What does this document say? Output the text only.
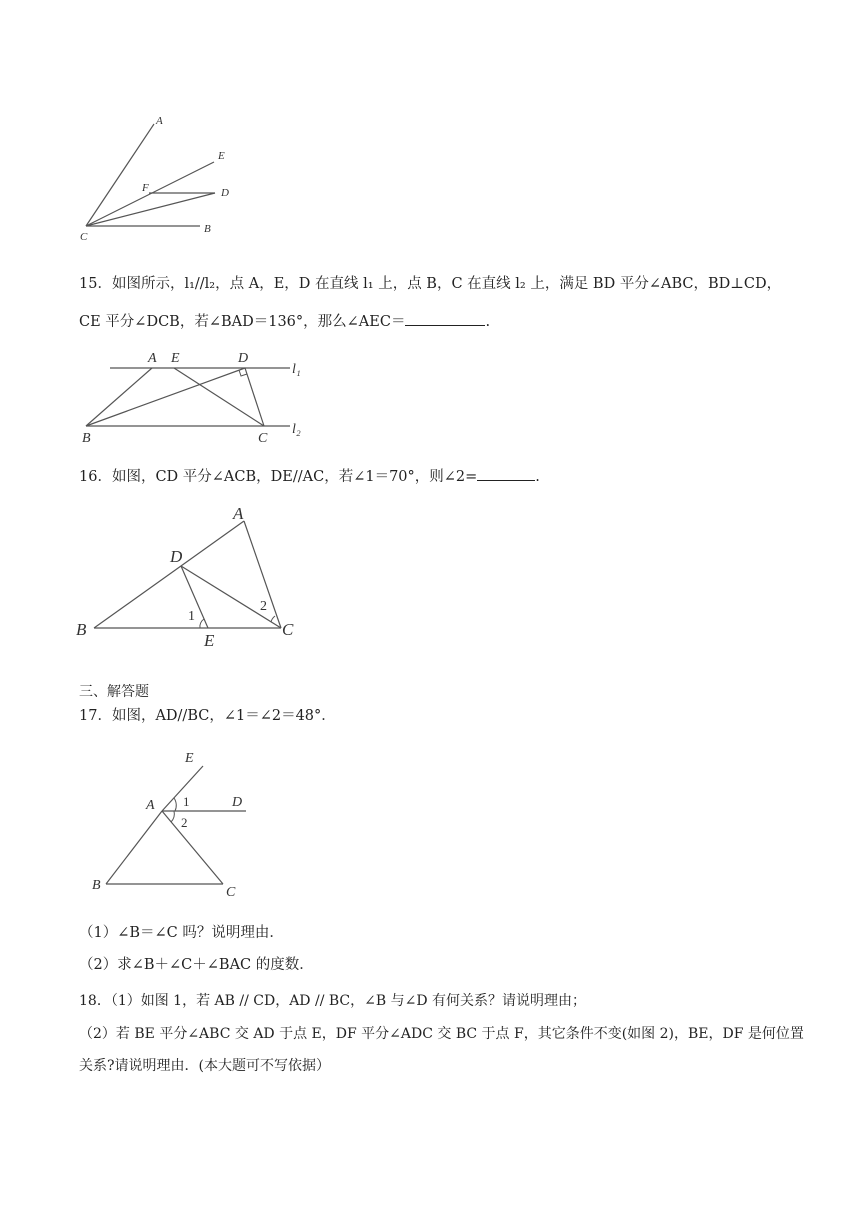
A
E
F	D
C
B
15．如图所示，l₁//l₂，点 A，E，D 在直线 l₁ 上，点 B，C 在直线 l₂ 上，满足 BD 平分∠ABC，BD⊥CD，
CE 平分∠DCB，若∠BAD＝136°，那么∠AEC＝	.
A E	D
l₁
B	C
l₂
16．如图，CD 平分∠ACB，DE//AC，若∠1＝70°，则∠2=	.
A
D
B
E
C
1
2
三、解答题
17．如图，AD//BC，∠1＝∠2＝48°．
E
A	D
B	C
1
2
（1）∠B＝∠C 吗？说明理由．
（2）求∠B＋∠C＋∠BAC 的度数．
18．（1）如图 1，若 AB // CD，AD // BC，∠B 与∠D 有何关系？请说明理由；
（2）若 BE 平分∠ABC 交 AD 于点 E，DF 平分∠ADC 交 BC 于点 F，其它条件不变(如图 2)，BE，DF 是何位置
关系?请说明理由．(本大题可不写依据）
